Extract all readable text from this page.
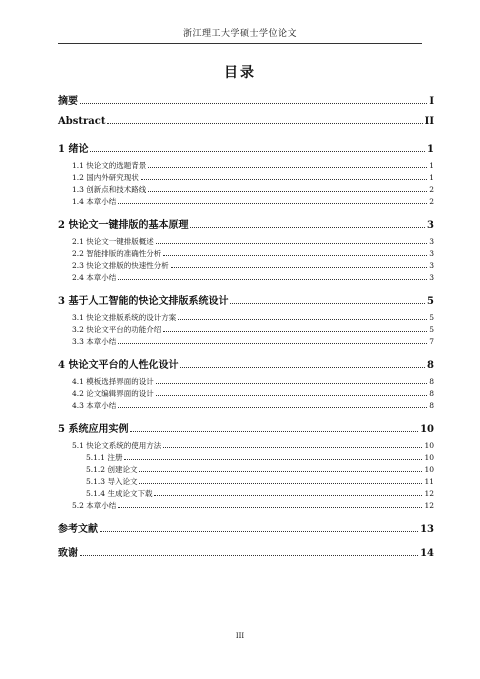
浙江理工大学硕士学位论文
目录
摘要	I
Abstract	II
1 绪论	1
1.1 快论文的选题背景	1
1.2 国内外研究现状	1
1.3 创新点和技术路线	2
1.4 本章小结	2
2 快论文一键排版的基本原理	3
2.1 快论文一键排版概述	3
2.2 智能排版的准确性分析	3
2.3 快论文排版的快速性分析	3
2.4 本章小结	3
3 基于人工智能的快论文排版系统设计	5
3.1 快论文排版系统的设计方案	5
3.2 快论文平台的功能介绍	5
3.3 本章小结	7
4 快论文平台的人性化设计	8
4.1 模板选择界面的设计	8
4.2 论文编辑界面的设计	8
4.3 本章小结	8
5 系统应用实例	10
5.1 快论文系统的使用方法	10
5.1.1 注册	10
5.1.2 创建论文	10
5.1.3 导入论文	11
5.1.4 生成论文下载	12
5.2 本章小结	12
参考文献	13
致谢	14
III
